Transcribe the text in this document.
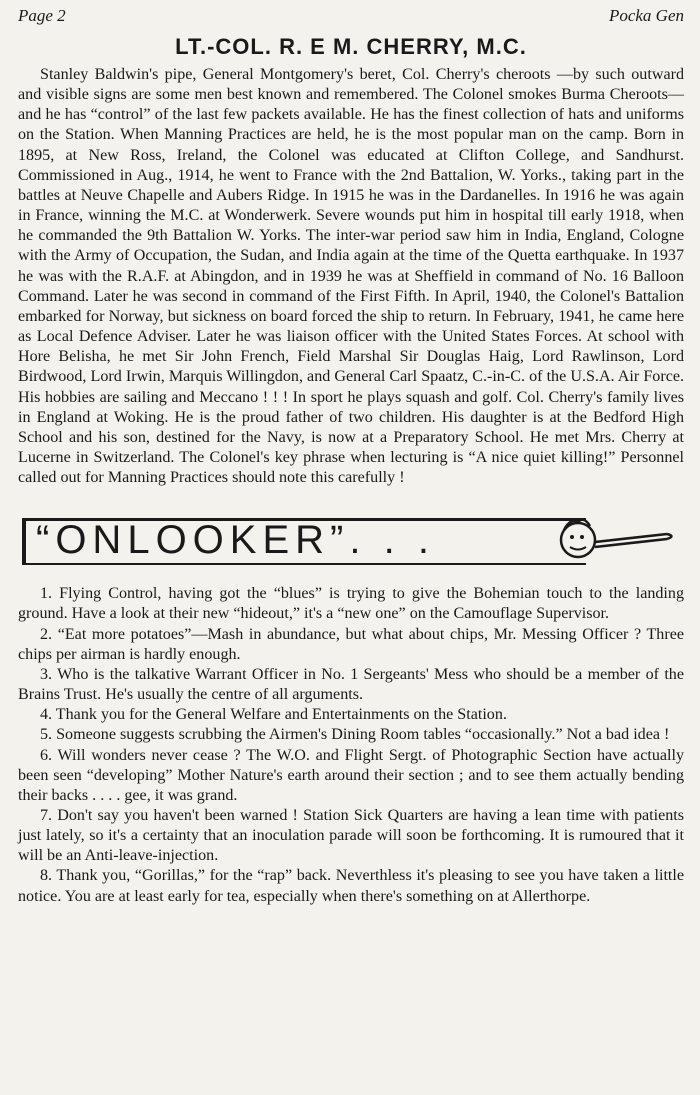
Page 2	Pocka Gen
LT.-COL. R. E M. CHERRY, M.C.

Stanley Baldwin's pipe, General Montgomery's beret, Col. Cherry's cheroots —by such outward and visible signs are some men best known and remembered. The Colonel smokes Burma Cheroots—and he has “control” of the last few packets available. He has the finest collection of hats and uniforms on the Station. When Manning Practices are held, he is the most popular man on the camp. Born in 1895, at New Ross, Ireland, the Colonel was educated at Clifton College, and Sandhurst. Commissioned in Aug., 1914, he went to France with the 2nd Battalion, W. Yorks., taking part in the battles at Neuve Chapelle and Aubers Ridge. In 1915 he was in the Dardanelles. In 1916 he was again in France, winning the M.C. at Wonderwerk. Severe wounds put him in hospital till early 1918, when he commanded the 9th Battalion W. Yorks. The inter-war period saw him in India, England, Cologne with the Army of Occupation, the Sudan, and India again at the time of the Quetta earthquake. In 1937 he was with the R.A.F. at Abingdon, and in 1939 he was at Sheffield in command of No. 16 Balloon Command. Later he was second in command of the First Fifth. In April, 1940, the Colonel's Battalion embarked for Norway, but sickness on board forced the ship to return. In February, 1941, he came here as Local Defence Adviser. Later he was liaison officer with the United States Forces. At school with Hore Belisha, he met Sir John French, Field Marshal Sir Douglas Haig, Lord Rawlinson, Lord Birdwood, Lord Irwin, Marquis Willingdon, and General Carl Spaatz, C.-in-C. of the U.S.A. Air Force. His hobbies are sailing and Meccano ! ! ! In sport he plays squash and golf. Col. Cherry's family lives in England at Woking. He is the proud father of two children. His daughter is at the Bedford High School and his son, destined for the Navy, is now at a Preparatory School. He met Mrs. Cherry at Lucerne in Switzerland. The Colonel's key phrase when lecturing is “A nice quiet killing!” Personnel called out for Manning Practices should note this carefully !

“ONLOOKER”. . .

1. Flying Control, having got the “blues” is trying to give the Bohemian touch to the landing ground. Have a look at their new “hideout,” it's a “new one” on the Camouflage Supervisor.

2. “Eat more potatoes”—Mash in abundance, but what about chips, Mr. Messing Officer ? Three chips per airman is hardly enough.

3. Who is the talkative Warrant Officer in No. 1 Sergeants' Mess who should be a member of the Brains Trust. He's usually the centre of all arguments.

4. Thank you for the General Welfare and Entertainments on the Station.

5. Someone suggests scrubbing the Airmen's Dining Room tables “occasionally.” Not a bad idea !

6. Will wonders never cease ? The W.O. and Flight Sergt. of Photographic Section have actually been seen “developing” Mother Nature's earth around their section ; and to see them actually bending their backs . . . . gee, it was grand.

7. Don't say you haven't been warned ! Station Sick Quarters are having a lean time with patients just lately, so it's a certainty that an inoculation parade will soon be forthcoming. It is rumoured that it will be an Anti-leave-injection.

8. Thank you, “Gorillas,” for the “rap” back. Neverthless it's pleasing to see you have taken a little notice. You are at least early for tea, especially when there's something on at Allerthorpe.
